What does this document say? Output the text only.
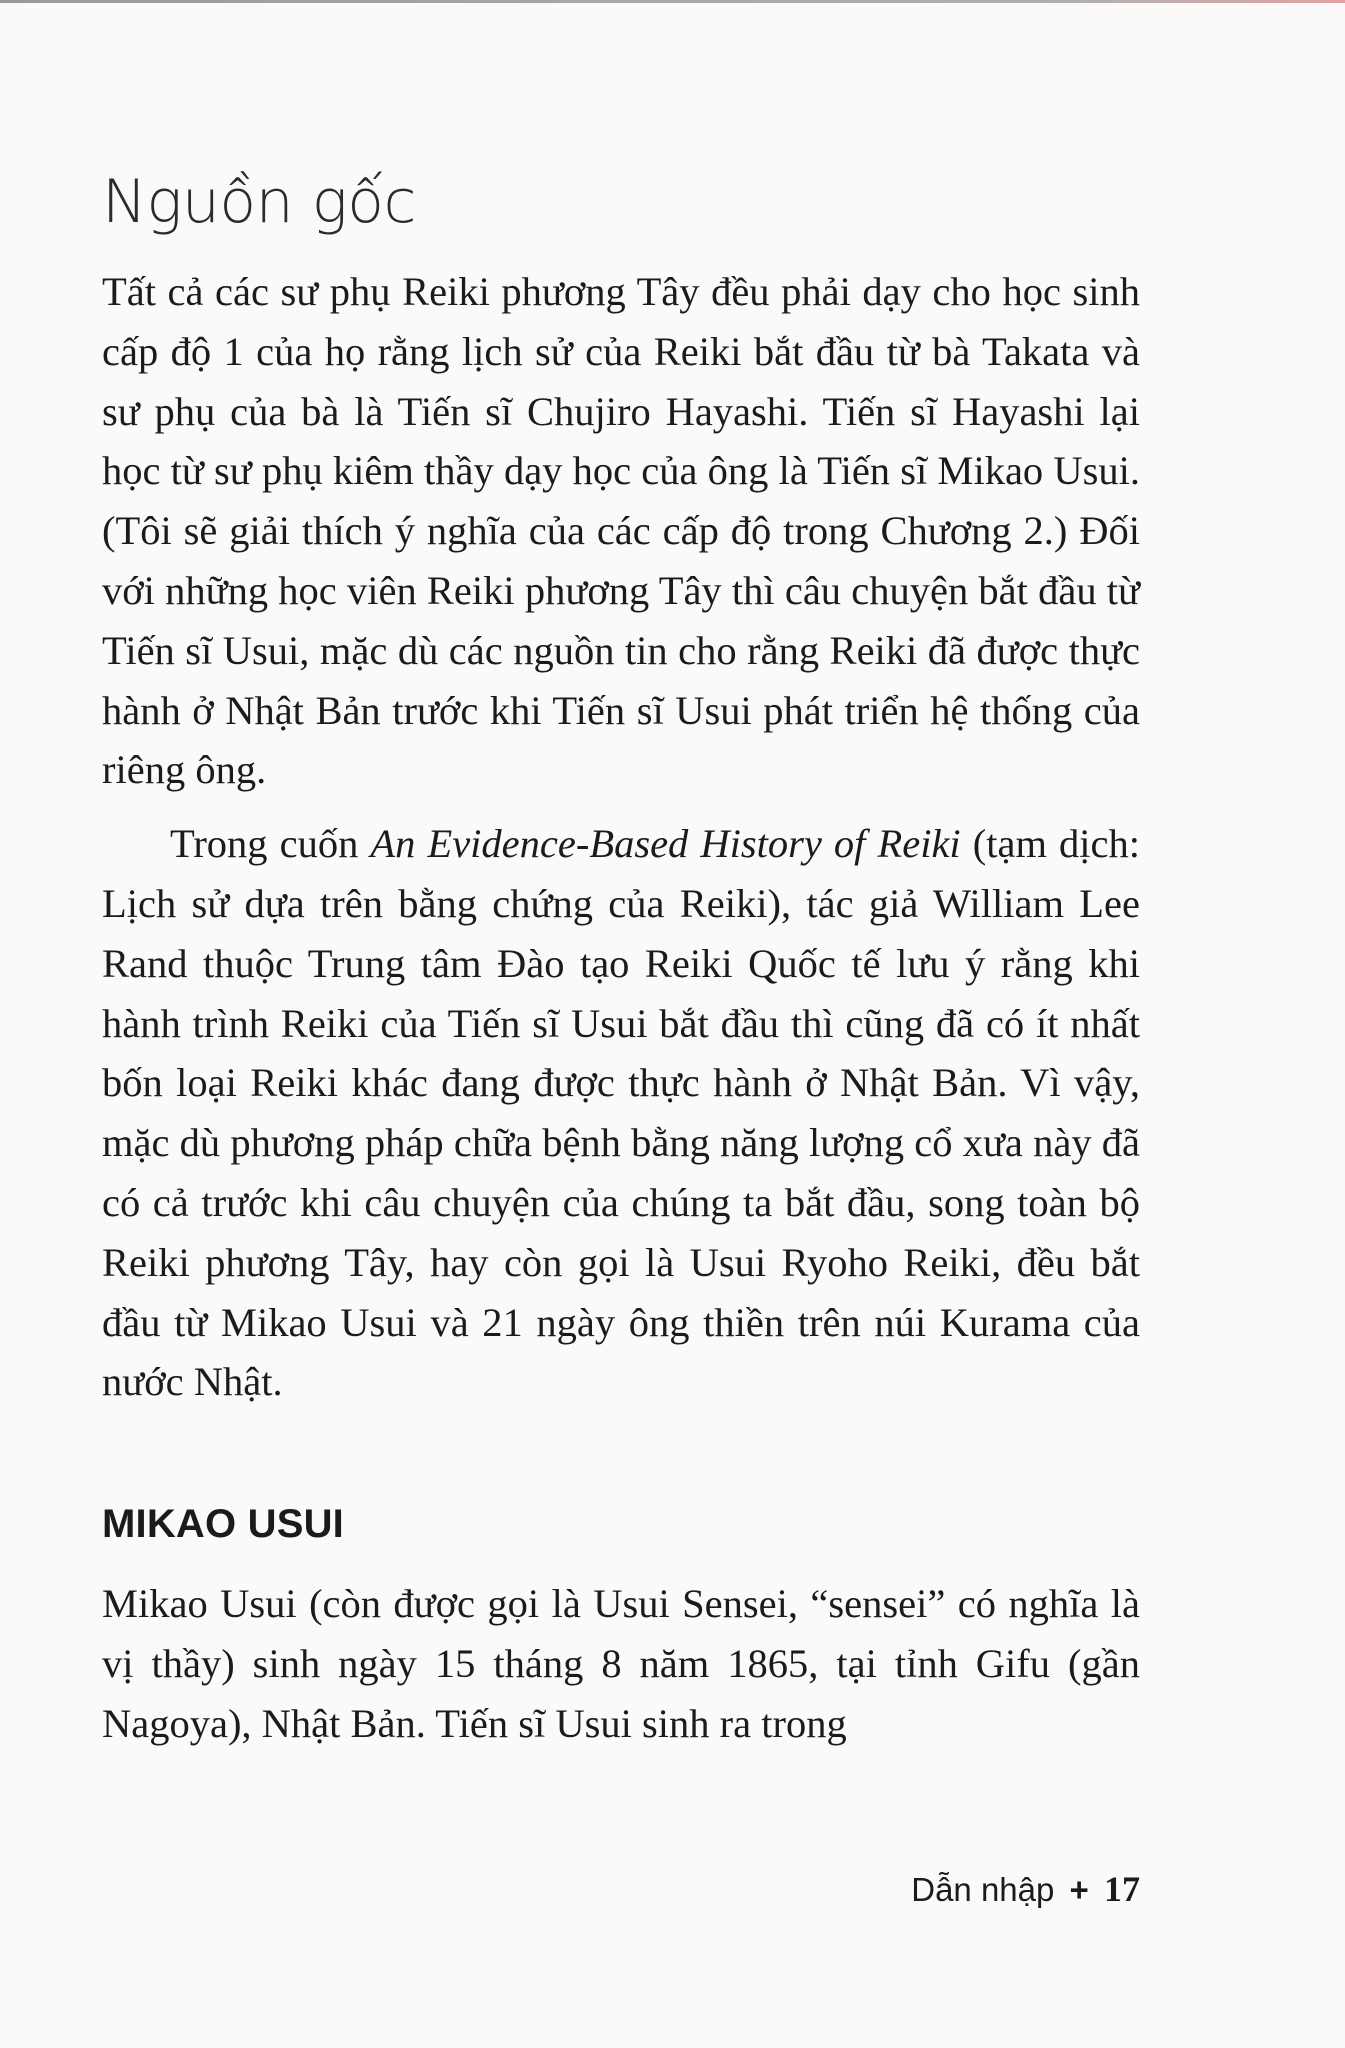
Nguồn gốc

Tất cả các sư phụ Reiki phương Tây đều phải dạy cho học sinh cấp độ 1 của họ rằng lịch sử của Reiki bắt đầu từ bà Takata và sư phụ của bà là Tiến sĩ Chujiro Hayashi. Tiến sĩ Hayashi lại học từ sư phụ kiêm thầy dạy học của ông là Tiến sĩ Mikao Usui. (Tôi sẽ giải thích ý nghĩa của các cấp độ trong Chương 2.) Đối với những học viên Reiki phương Tây thì câu chuyện bắt đầu từ Tiến sĩ Usui, mặc dù các nguồn tin cho rằng Reiki đã được thực hành ở Nhật Bản trước khi Tiến sĩ Usui phát triển hệ thống của riêng ông.

Trong cuốn An Evidence-Based History of Reiki (tạm dịch: Lịch sử dựa trên bằng chứng của Reiki), tác giả William Lee Rand thuộc Trung tâm Đào tạo Reiki Quốc tế lưu ý rằng khi hành trình Reiki của Tiến sĩ Usui bắt đầu thì cũng đã có ít nhất bốn loại Reiki khác đang được thực hành ở Nhật Bản. Vì vậy, mặc dù phương pháp chữa bệnh bằng năng lượng cổ xưa này đã có cả trước khi câu chuyện của chúng ta bắt đầu, song toàn bộ Reiki phương Tây, hay còn gọi là Usui Ryoho Reiki, đều bắt đầu từ Mikao Usui và 21 ngày ông thiền trên núi Kurama của nước Nhật.

MIKAO USUI

Mikao Usui (còn được gọi là Usui Sensei, “sensei” có nghĩa là vị thầy) sinh ngày 15 tháng 8 năm 1865, tại tỉnh Gifu (gần Nagoya), Nhật Bản. Tiến sĩ Usui sinh ra trong

Dẫn nhập + 17
